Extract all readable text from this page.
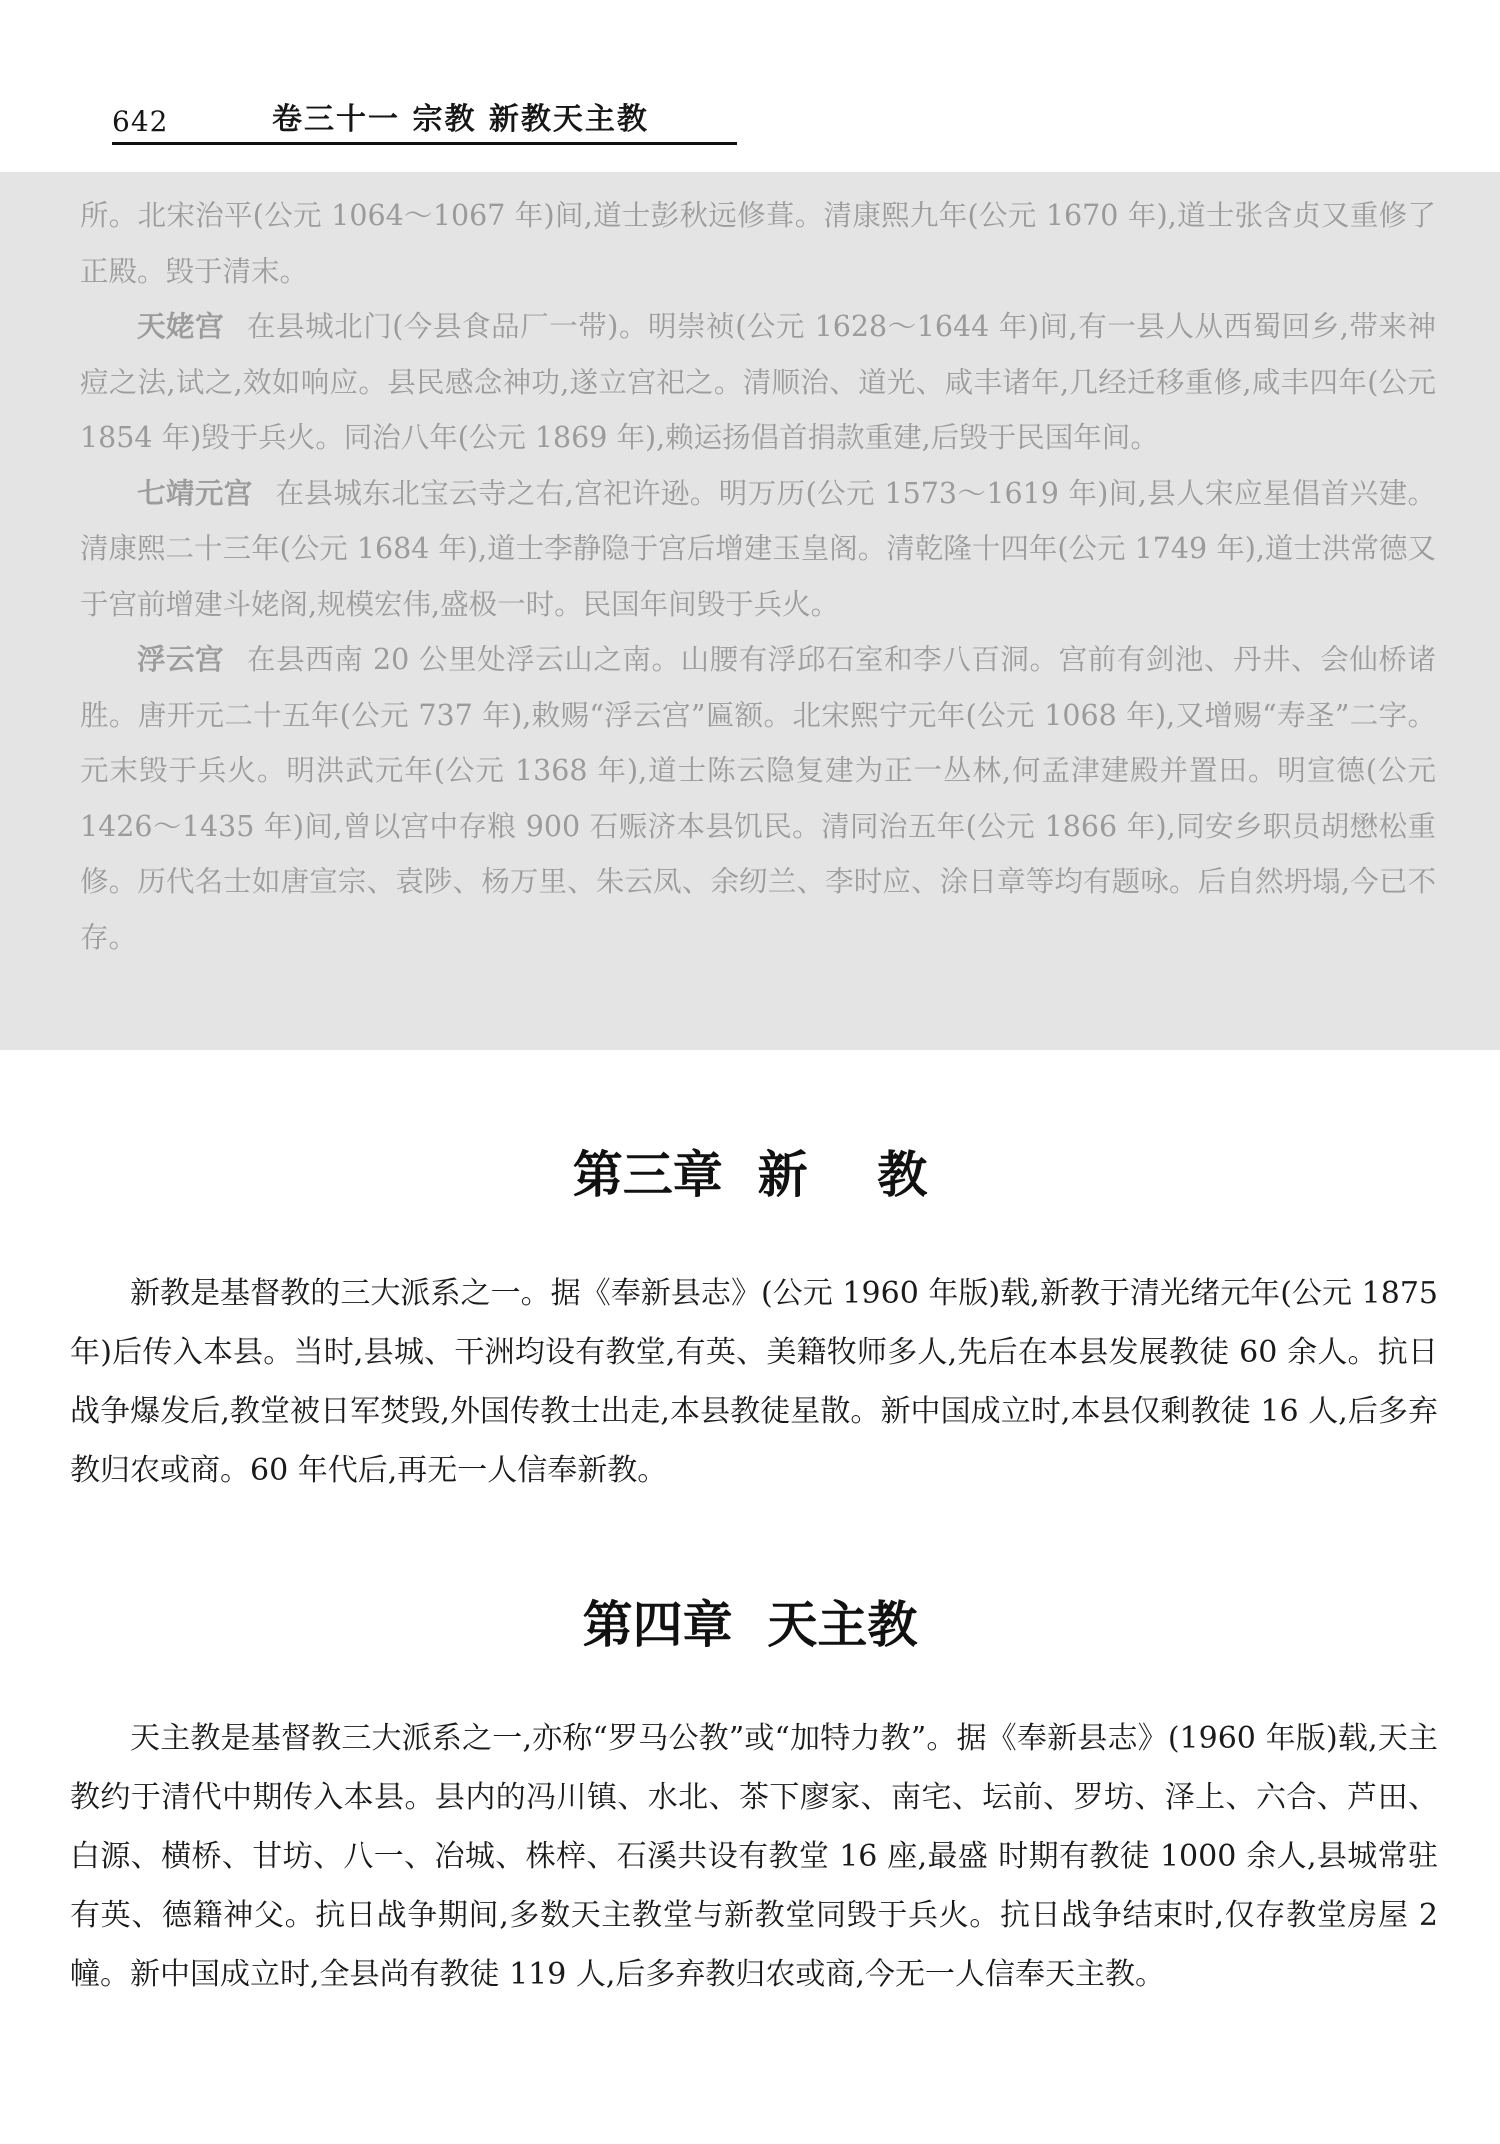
642	卷三十一 宗教 新教天主教

所。北宋治平(公元 1064～1067 年)间,道士彭秋远修葺。清康熙九年(公元 1670 年),道士张含贞又重修了正殿。毁于清末。

天姥宫 在县城北门(今县食品厂一带)。明崇祯(公元 1628～1644 年)间,有一县人从西蜀回乡,带来神痘之法,试之,效如响应。县民感念神功,遂立宫祀之。清顺治、道光、咸丰诸年,几经迁移重修,咸丰四年(公元 1854 年)毁于兵火。同治八年(公元 1869 年),赖运扬倡首捐款重建,后毁于民国年间。

七靖元宫 在县城东北宝云寺之右,宫祀许逊。明万历(公元 1573～1619 年)间,县人宋应星倡首兴建。清康熙二十三年(公元 1684 年),道士李静隐于宫后增建玉皇阁。清乾隆十四年(公元 1749 年),道士洪常德又于宫前增建斗姥阁,规模宏伟,盛极一时。民国年间毁于兵火。

浮云宫 在县西南 20 公里处浮云山之南。山腰有浮邱石室和李八百洞。宫前有剑池、丹井、会仙桥诸胜。唐开元二十五年(公元 737 年),敕赐“浮云宫”匾额。北宋熙宁元年(公元 1068 年),又增赐“寿圣”二字。元末毁于兵火。明洪武元年(公元 1368 年),道士陈云隐复建为正一丛林,何孟津建殿并置田。明宣德(公元 1426～1435 年)间,曾以宫中存粮 900 石赈济本县饥民。清同治五年(公元 1866 年),同安乡职员胡懋松重修。历代名士如唐宣宗、袁陟、杨万里、朱云凤、余纫兰、李时应、涂日章等均有题咏。后自然坍塌,今已不存。

第三章  新    教

新教是基督教的三大派系之一。据《奉新县志》(公元 1960 年版)载,新教于清光绪元年(公元 1875 年)后传入本县。当时,县城、干洲均设有教堂,有英、美籍牧师多人,先后在本县发展教徒 60 余人。抗日战争爆发后,教堂被日军焚毁,外国传教士出走,本县教徒星散。新中国成立时,本县仅剩教徒 16 人,后多弃教归农或商。60 年代后,再无一人信奉新教。

第四章  天主教

天主教是基督教三大派系之一,亦称“罗马公教”或“加特力教”。据《奉新县志》(1960 年版)载,天主教约于清代中期传入本县。县内的冯川镇、水北、茶下廖家、南宅、坛前、罗坊、泽上、六合、芦田、白源、横桥、甘坊、八一、冶城、株梓、石溪共设有教堂 16 座,最盛 时期有教徒 1000 余人,县城常驻有英、德籍神父。抗日战争期间,多数天主教堂与新教堂同毁于兵火。抗日战争结束时,仅存教堂房屋 2 幢。新中国成立时,全县尚有教徒 119 人,后多弃教归农或商,今无一人信奉天主教。
